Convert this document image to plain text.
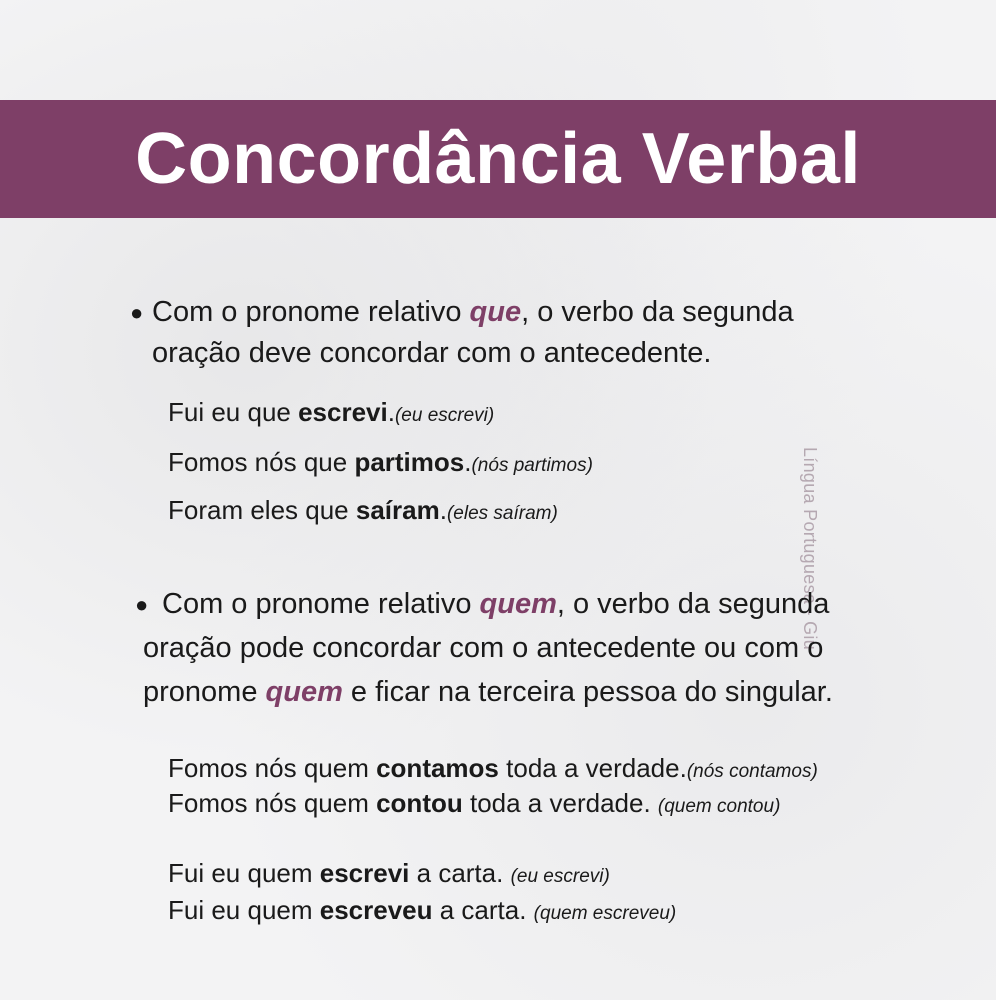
Concordância Verbal
Língua Portuguesa - Giu
● Com o pronome relativo que, o verbo da segunda
oração deve concordar com o antecedente.
Fui eu que escrevi.(eu escrevi)
Fomos nós que partimos.(nós partimos)
Foram eles que saíram.(eles saíram)
● Com o pronome relativo quem, o verbo da segunda
oração pode concordar com o antecedente ou com o
pronome quem e ficar na terceira pessoa do singular.
Fomos nós quem contamos toda a verdade.(nós contamos)
Fomos nós quem contou toda a verdade. (quem contou)
Fui eu quem escrevi a carta. (eu escrevi)
Fui eu quem escreveu a carta. (quem escreveu)
